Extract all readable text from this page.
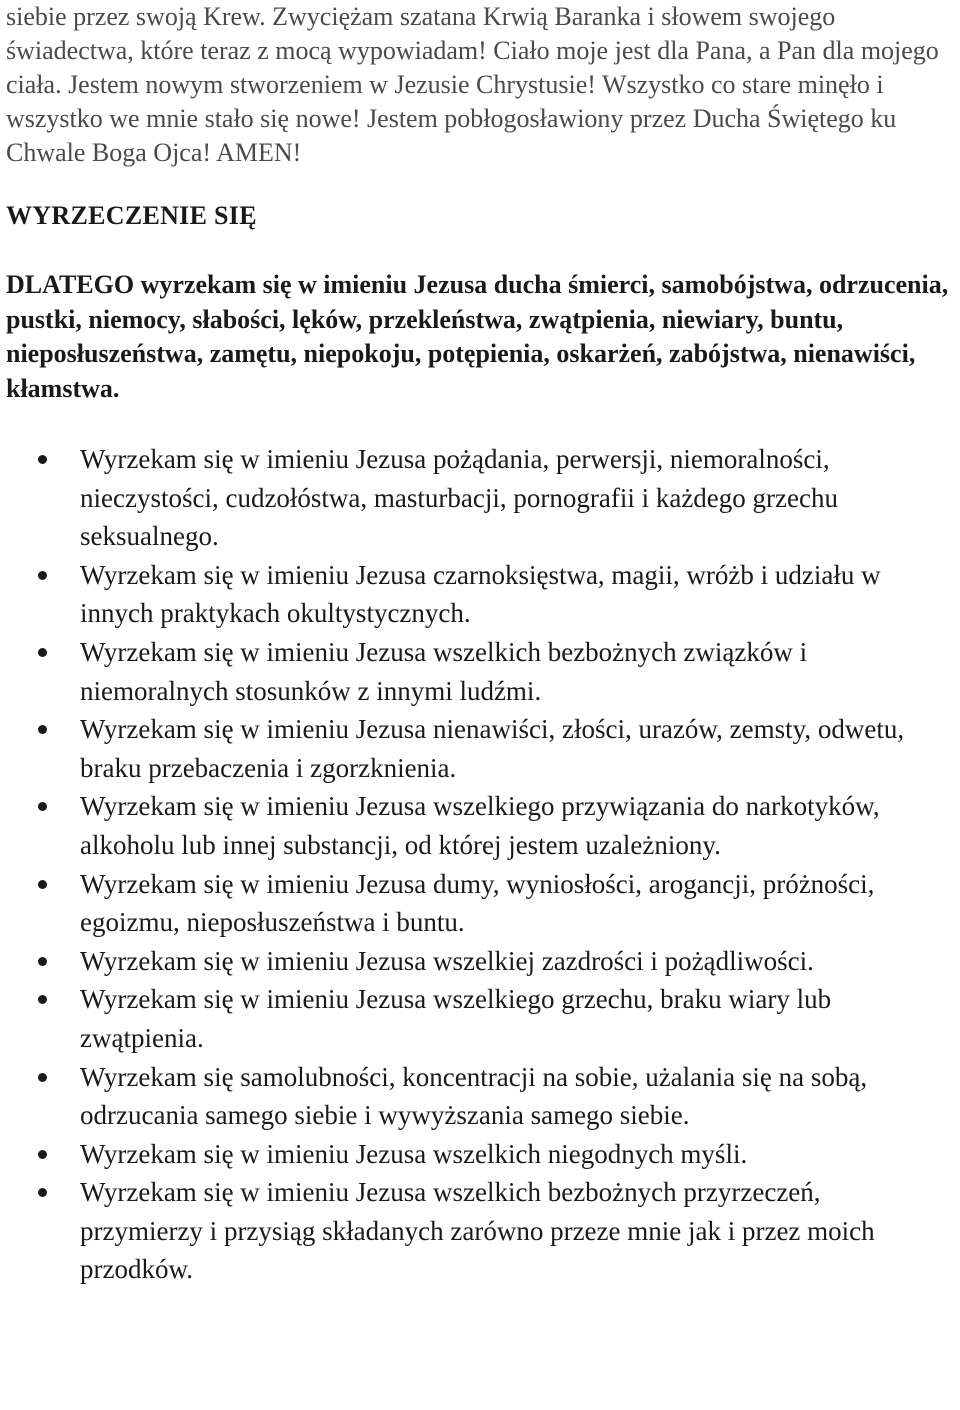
siebie przez swoją Krew. Zwyciężam szatana Krwią Baranka i słowem swojego świadectwa, które teraz z mocą wypowiadam! Ciało moje jest dla Pana, a Pan dla mojego ciała. Jestem nowym stworzeniem w Jezusie Chrystusie! Wszystko co stare minęło i wszystko we mnie stało się nowe! Jestem pobłogosławiony przez Ducha Świętego ku Chwale Boga Ojca! AMEN!

WYRZECZENIE SIĘ

DLATEGO wyrzekam się w imieniu Jezusa ducha śmierci, samobójstwa, odrzucenia, pustki, niemocy, słabości, lęków, przekleństwa, zwątpienia, niewiary, buntu, nieposłuszeństwa, zamętu, niepokoju, potępienia, oskarżeń, zabójstwa, nienawiści, kłamstwa.

Wyrzekam się w imieniu Jezusa pożądania, perwersji, niemoralności, nieczystości, cudzołóstwa, masturbacji, pornografii i każdego grzechu seksualnego.
Wyrzekam się w imieniu Jezusa czarnoksięstwa, magii, wróżb i udziału w innych praktykach okultystycznych.
Wyrzekam się w imieniu Jezusa wszelkich bezbożnych związków i niemoralnych stosunków z innymi ludźmi.
Wyrzekam się w imieniu Jezusa nienawiści, złości, urazów, zemsty, odwetu, braku przebaczenia i zgorzknienia.
Wyrzekam się w imieniu Jezusa wszelkiego przywiązania do narkotyków, alkoholu lub innej substancji, od której jestem uzależniony.
Wyrzekam się w imieniu Jezusa dumy, wyniosłości, arogancji, próżności, egoizmu, nieposłuszeństwa i buntu.
Wyrzekam się w imieniu Jezusa wszelkiej zazdrości i pożądliwości.
Wyrzekam się w imieniu Jezusa wszelkiego grzechu, braku wiary lub zwątpienia.
Wyrzekam się samolubności, koncentracji na sobie, użalania się na sobą, odrzucania samego siebie i wywyższania samego siebie.
Wyrzekam się w imieniu Jezusa wszelkich niegodnych myśli.
Wyrzekam się w imieniu Jezusa wszelkich bezbożnych przyrzeczeń, przymierzy i przysiąg składanych zarówno przeze mnie jak i przez moich przodków.
